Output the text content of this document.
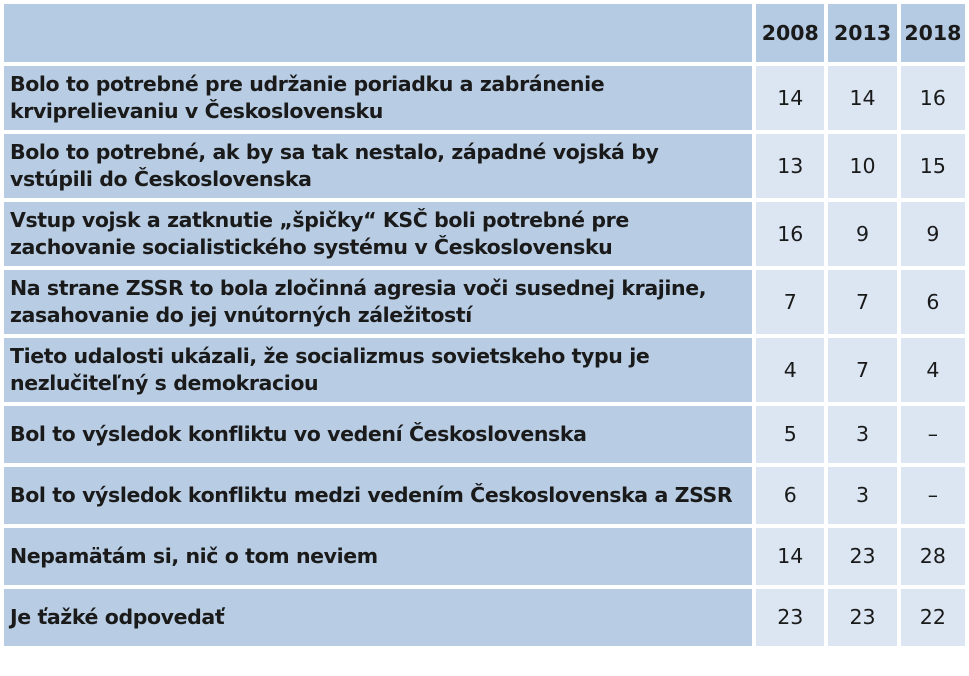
	2008	2013	2018
Bolo to potrebné pre udržanie poriadku a zabránenie krviprelievaniu v Československu	14	14	16
Bolo to potrebné, ak by sa tak nestalo, západné vojská by vstúpili do Československa	13	10	15
Vstup vojsk a zatknutie „špičky“ KSČ boli potrebné pre zachovanie socialistického systému v Československu	16	9	9
Na strane ZSSR to bola zločinná agresia voči susednej krajine, zasahovanie do jej vnútorných záležitostí	7	7	6
Tieto udalosti ukázali, že socializmus sovietskeho typu je nezlučiteľný s demokraciou	4	7	4
Bol to výsledok konfliktu vo vedení Československa	5	3	–
Bol to výsledok konfliktu medzi vedením Československa a ZSSR	6	3	–
Nepamätám si, nič o tom neviem	14	23	28
Je ťažké odpovedať	23	23	22
